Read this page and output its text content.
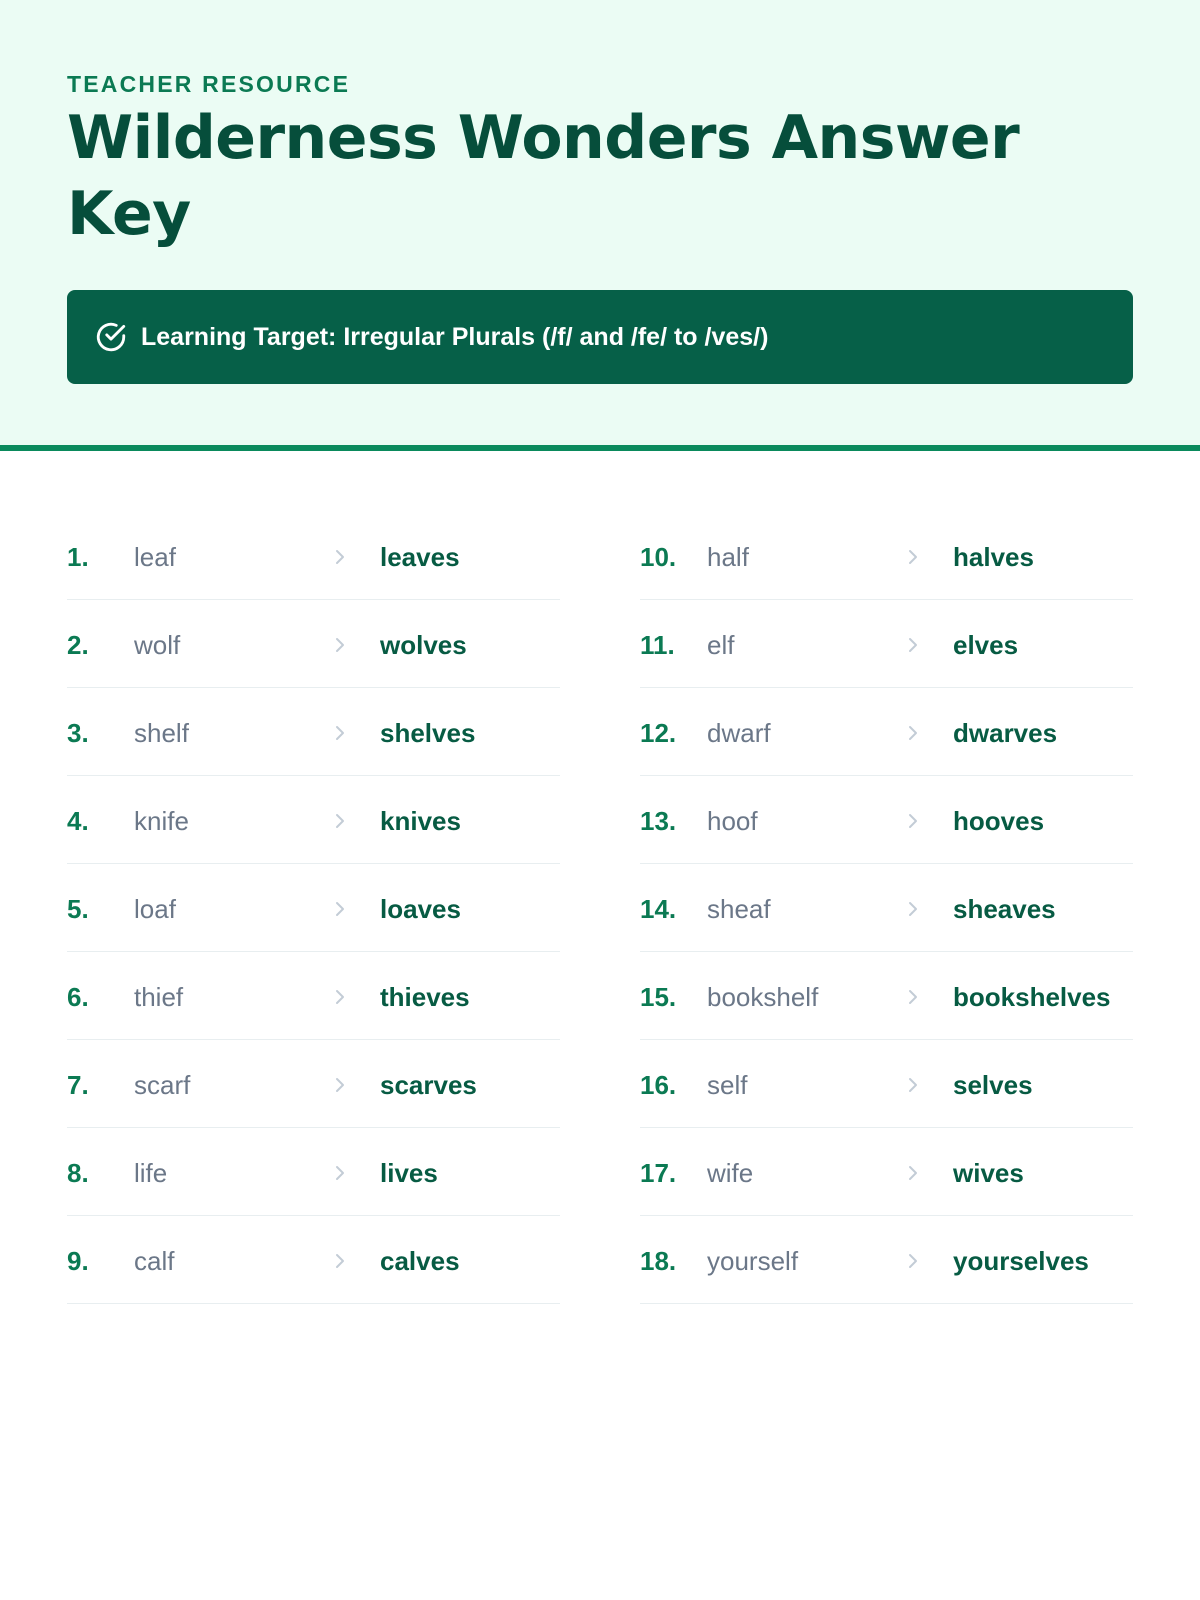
TEACHER RESOURCE
Wilderness Wonders Answer Key
Learning Target: Irregular Plurals (/f/ and /fe/ to /ves/)
1. leaf	leaves
2. wolf	wolves
3. shelf	shelves
4. knife	knives
5. loaf	loaves
6. thief	thieves
7. scarf	scarves
8. life	lives
9. calf	calves
10. half	halves
11. elf	elves
12. dwarf	dwarves
13. hoof	hooves
14. sheaf	sheaves
15. bookshelf	bookshelves
16. self	selves
17. wife	wives
18. yourself	yourselves
